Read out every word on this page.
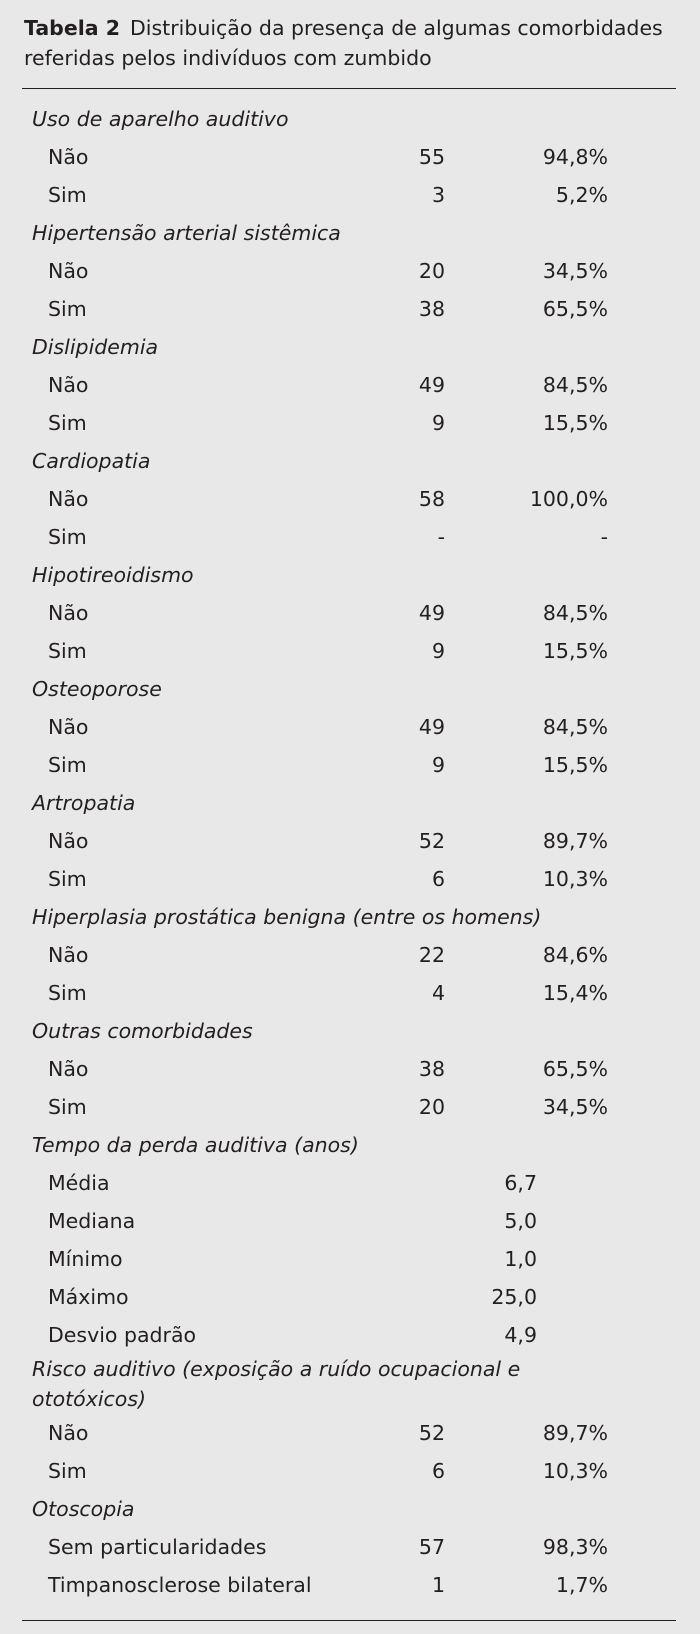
Tabela 2 Distribuição da presença de algumas comorbidades referidas pelos indivíduos com zumbido
Uso de aparelho auditivo
Não	55	94,8%
Sim	3	5,2%
Hipertensão arterial sistêmica
Não	20	34,5%
Sim	38	65,5%
Dislipidemia
Não	49	84,5%
Sim	9	15,5%
Cardiopatia
Não	58	100,0%
Sim	-	-
Hipotireoidismo
Não	49	84,5%
Sim	9	15,5%
Osteoporose
Não	49	84,5%
Sim	9	15,5%
Artropatia
Não	52	89,7%
Sim	6	10,3%
Hiperplasia prostática benigna (entre os homens)
Não	22	84,6%
Sim	4	15,4%
Outras comorbidades
Não	38	65,5%
Sim	20	34,5%
Tempo da perda auditiva (anos)
Média	6,7
Mediana	5,0
Mínimo	1,0
Máximo	25,0
Desvio padrão	4,9
Risco auditivo (exposição a ruído ocupacional e ototóxicos)
Não	52	89,7%
Sim	6	10,3%
Otoscopia
Sem particularidades	57	98,3%
Timpanosclerose bilateral	1	1,7%
